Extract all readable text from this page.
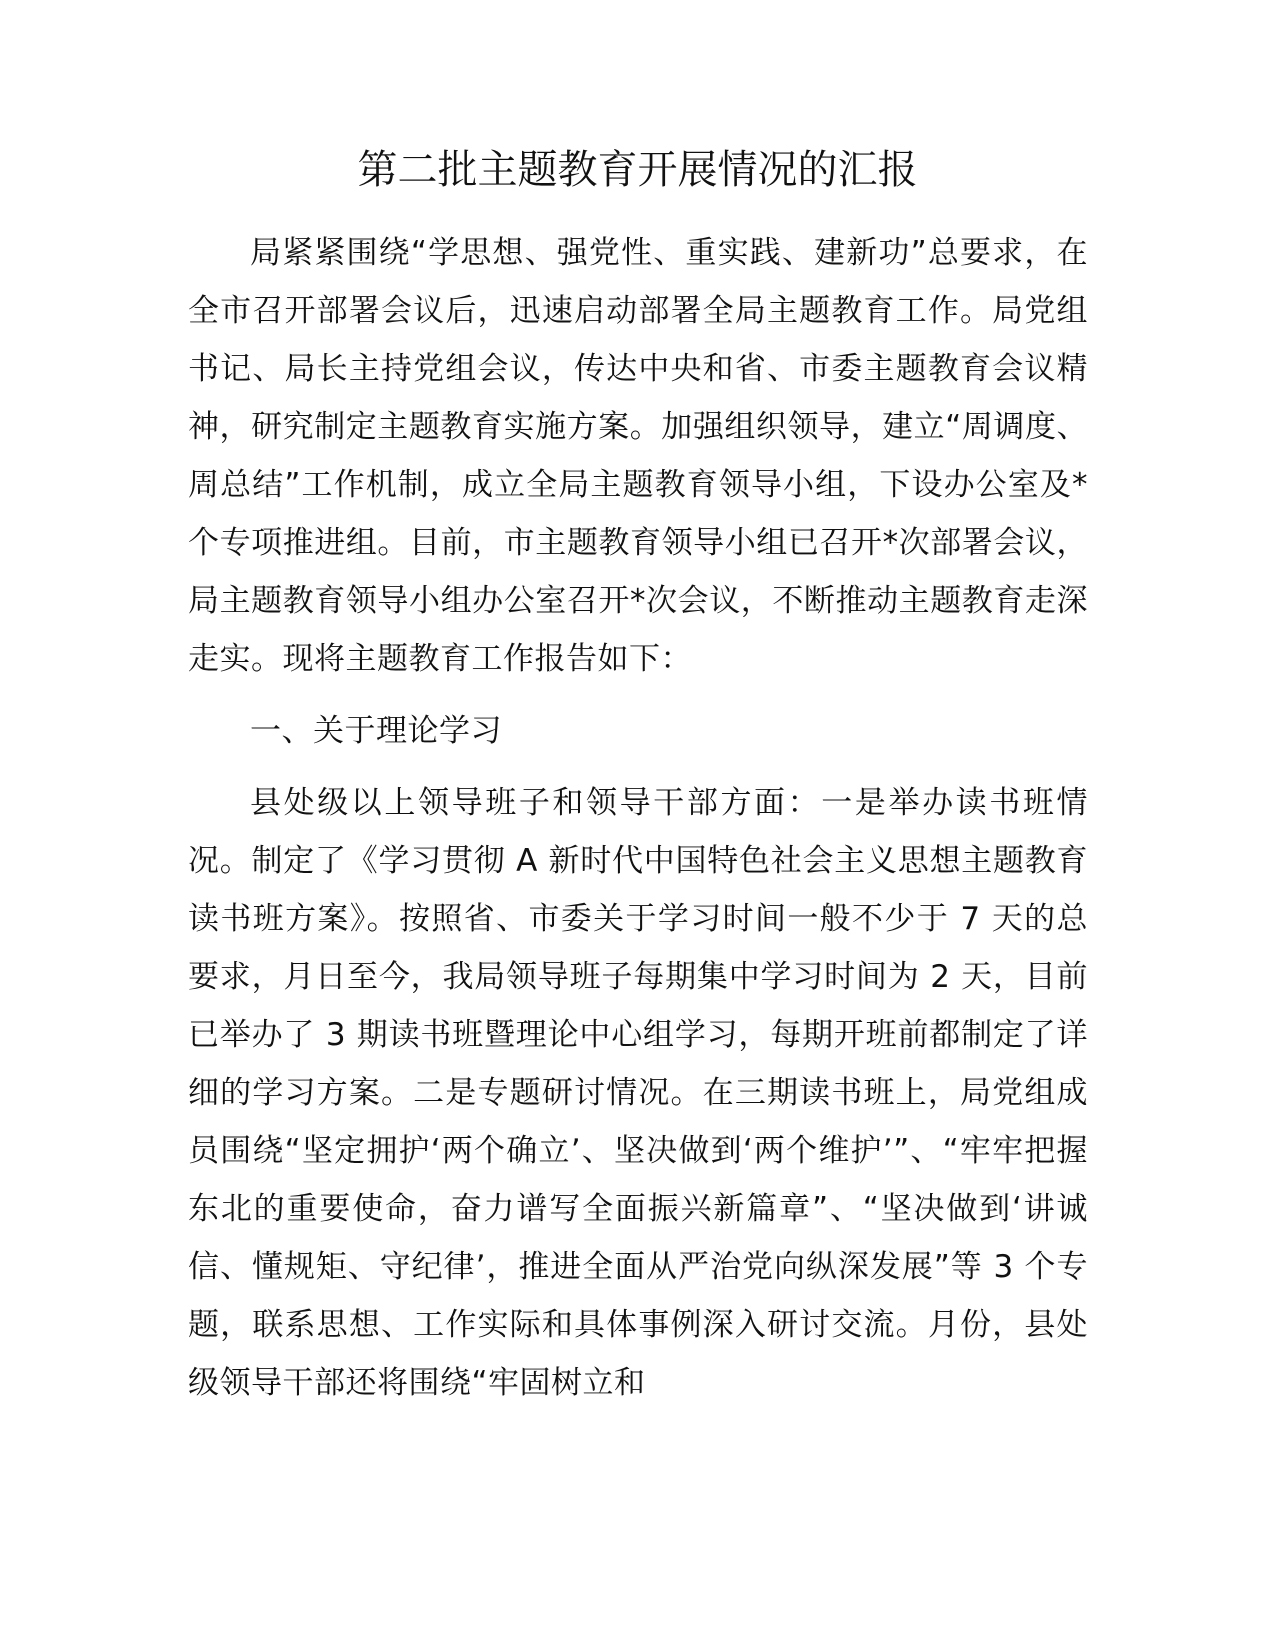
第二批主题教育开展情况的汇报

局紧紧围绕“学思想、强党性、重实践、建新功”总要求，在全市召开部署会议后，迅速启动部署全局主题教育工作。局党组书记、局长主持党组会议，传达中央和省、市委主题教育会议精神，研究制定主题教育实施方案。加强组织领导，建立“周调度、周总结”工作机制，成立全局主题教育领导小组，下设办公室及*个专项推进组。目前，市主题教育领导小组已召开*次部署会议，局主题教育领导小组办公室召开*次会议，不断推动主题教育走深走实。现将主题教育工作报告如下：

一、关于理论学习

县处级以上领导班子和领导干部方面：一是举办读书班情况。制定了《学习贯彻 A 新时代中国特色社会主义思想主题教育读书班方案》。按照省、市委关于学习时间一般不少于 7 天的总要求，月日至今，我局领导班子每期集中学习时间为 2 天，目前已举办了 3 期读书班暨理论中心组学习，每期开班前都制定了详细的学习方案。二是专题研讨情况。在三期读书班上，局党组成员围绕“坚定拥护‘两个确立’、坚决做到‘两个维护’”、“牢牢把握东北的重要使命，奋力谱写全面振兴新篇章”、“坚决做到‘讲诚信、懂规矩、守纪律’，推进全面从严治党向纵深发展”等 3 个专题，联系思想、工作实际和具体事例深入研讨交流。月份，县处级领导干部还将围绕“牢固树立和
